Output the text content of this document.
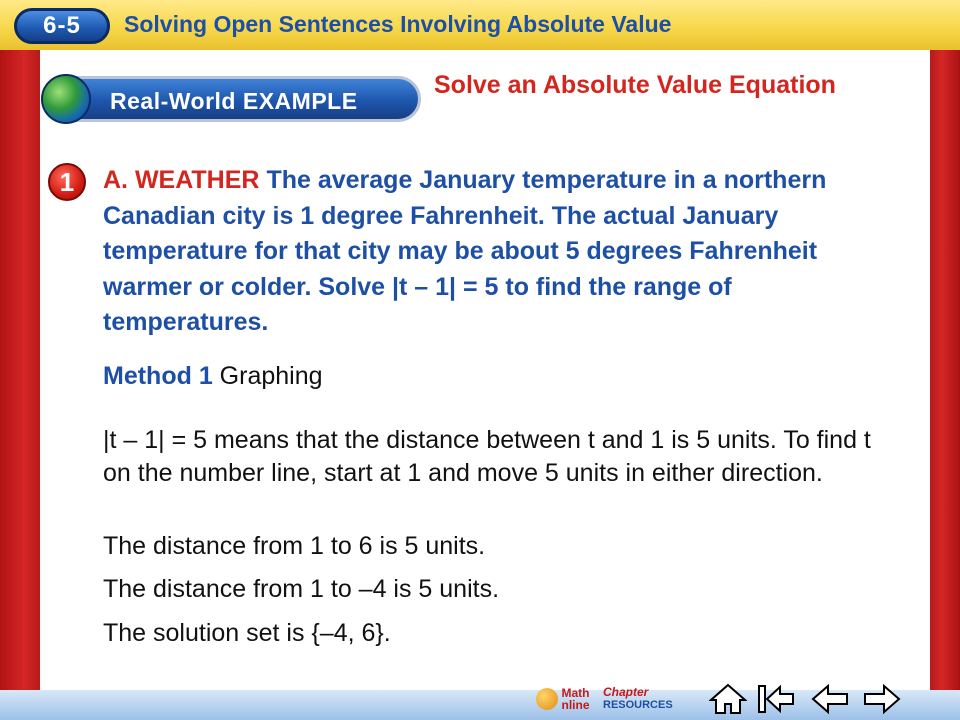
6-5	Solving Open Sentences Involving Absolute Value
Real-World EXAMPLE
Solve an Absolute Value Equation
1	A. WEATHER The average January temperature in a northern Canadian city is 1 degree Fahrenheit. The actual January temperature for that city may be about 5 degrees Fahrenheit warmer or colder. Solve |t – 1| = 5 to find the range of temperatures.
Method 1 Graphing
|t – 1| = 5 means that the distance between t and 1 is 5 units. To find t on the number line, start at 1 and move 5 units in either direction.
The distance from 1 to 6 is 5 units.
The distance from 1 to –4 is 5 units.
The solution set is {–4, 6}.
Math
nline
Chapter
RESOURCES
